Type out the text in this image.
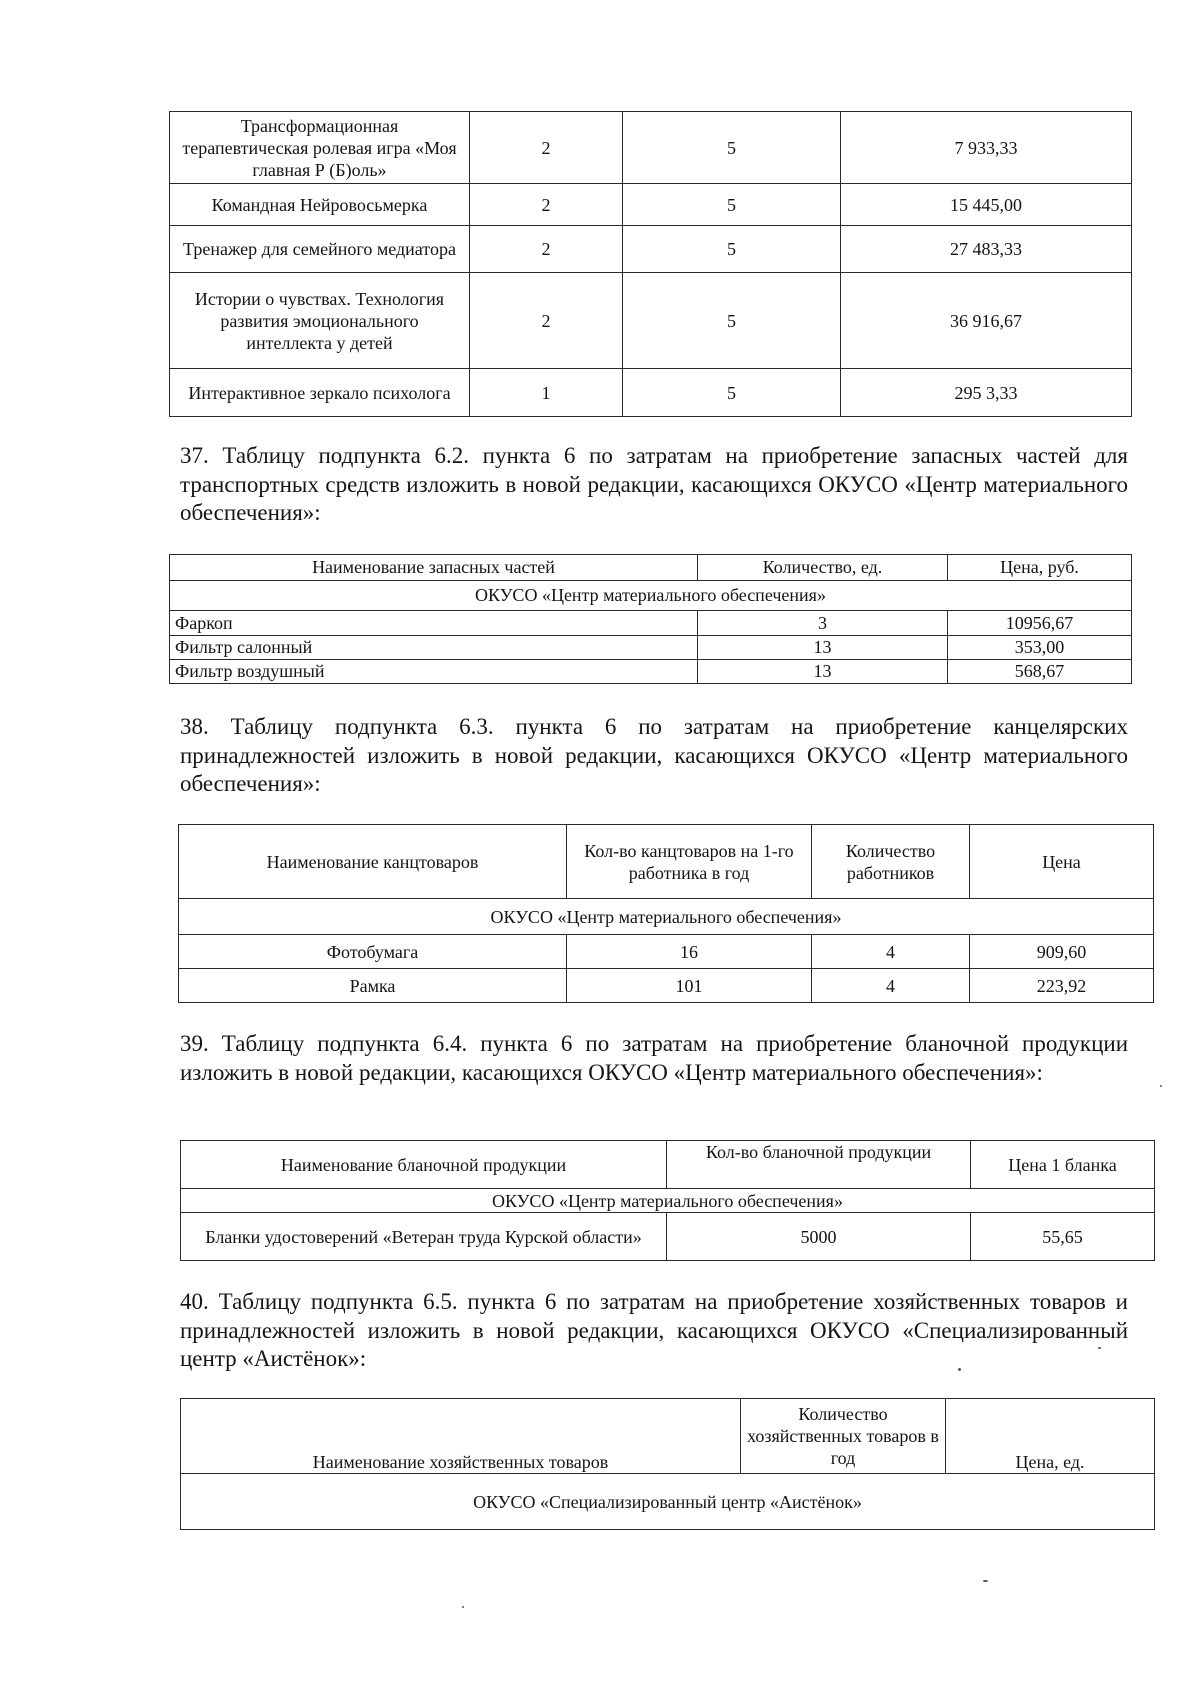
Трансформационная терапевтическая ролевая игра «Моя главная Р (Б)оль»	2	5	7 933,33
Командная Нейровосьмерка	2	5	15 445,00
Тренажер для семейного медиатора	2	5	27 483,33
Истории о чувствах. Технология развития эмоционального интеллекта у детей	2	5	36 916,67
Интерактивное зеркало психолога	1	5	295 3,33

37. Таблицу подпункта 6.2. пункта 6 по затратам на приобретение запасных частей для транспортных средств изложить в новой редакции, касающихся ОКУСО «Центр материального обеспечения»:

Наименование запасных частей	Количество, ед.	Цена, руб.
ОКУСО «Центр материального обеспечения»		
Фаркоп	3	10956,67
Фильтр салонный	13	353,00
Фильтр воздушный	13	568,67

38. Таблицу подпункта 6.3. пункта 6 по затратам на приобретение канцелярских принадлежностей изложить в новой редакции, касающихся ОКУСО «Центр материального обеспечения»:

Наименование канцтоваров	Кол-во канцтоваров на 1-го работника в год	Количество работников	Цена
ОКУСО «Центр материального обеспечения»			
Фотобумага	16	4	909,60
Рамка	101	4	223,92

39. Таблицу подпункта 6.4. пункта 6 по затратам на приобретение бланочной продукции изложить в новой редакции, касающихся ОКУСО «Центр материального обеспечения»:

Наименование бланочной продукции	Кол-во бланочной продукции	Цена 1 бланка
ОКУСО «Центр материального обеспечения»		
Бланки удостоверений «Ветеран труда Курской области»	5000	55,65

40. Таблицу подпункта 6.5. пункта 6 по затратам на приобретение хозяйственных товаров и принадлежностей изложить в новой редакции, касающихся ОКУСО «Специализированный центр «Аистёнок»:

Наименование хозяйственных товаров	Количество хозяйственных товаров в год	Цена, ед.
ОКУСО «Специализированный центр «Аистёнок»
